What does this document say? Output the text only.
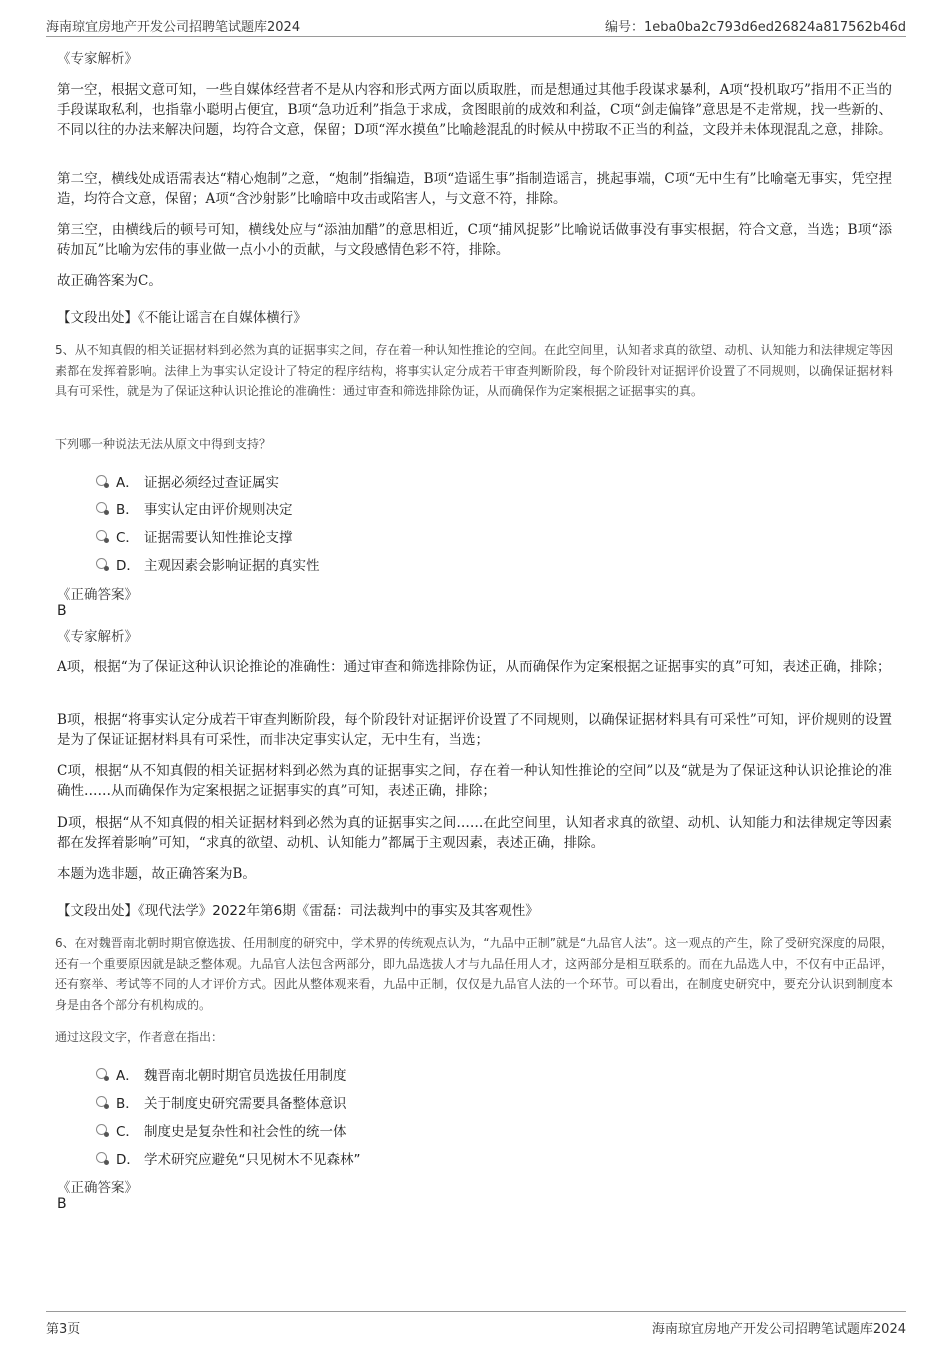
海南琼宜房地产开发公司招聘笔试题库2024	编号：1eba0ba2c793d6ed26824a817562b46d
《专家解析》
第一空，根据文意可知，一些自媒体经营者不是从内容和形式两方面以质取胜，而是想通过其他手段谋求暴利，A项“投机取巧”指用不正当的手段谋取私利，也指靠小聪明占便宜，B项“急功近利”指急于求成，贪图眼前的成效和利益，C项“剑走偏锋”意思是不走常规，找一些新的、不同以往的办法来解决问题，均符合文意，保留；D项“浑水摸鱼”比喻趁混乱的时候从中捞取不正当的利益，文段并未体现混乱之意，排除。
第二空，横线处成语需表达“精心炮制”之意，“炮制”指编造，B项“造谣生事”指制造谣言，挑起事端，C项“无中生有”比喻毫无事实，凭空捏造，均符合文意，保留；A项“含沙射影”比喻暗中攻击或陷害人，与文意不符，排除。
第三空，由横线后的顿号可知，横线处应与“添油加醋”的意思相近，C项“捕风捉影”比喻说话做事没有事实根据，符合文意，当选；B项“添砖加瓦”比喻为宏伟的事业做一点小小的贡献，与文段感情色彩不符，排除。
故正确答案为C。
【文段出处】《不能让谣言在自媒体横行》
5、从不知真假的相关证据材料到必然为真的证据事实之间，存在着一种认知性推论的空间。在此空间里，认知者求真的欲望、动机、认知能力和法律规定等因素都在发挥着影响。法律上为事实认定设计了特定的程序结构，将事实认定分成若干审查判断阶段，每个阶段针对证据评价设置了不同规则，以确保证据材料具有可采性，就是为了保证这种认识论推论的准确性：通过审查和筛选排除伪证，从而确保作为定案根据之证据事实的真。
下列哪一种说法无法从原文中得到支持？
A． 证据必须经过查证属实
B． 事实认定由评价规则决定
C． 证据需要认知性推论支撑
D． 主观因素会影响证据的真实性
《正确答案》
B
《专家解析》
A项，根据“为了保证这种认识论推论的准确性：通过审查和筛选排除伪证，从而确保作为定案根据之证据事实的真”可知，表述正确，排除；
B项，根据“将事实认定分成若干审查判断阶段，每个阶段针对证据评价设置了不同规则，以确保证据材料具有可采性”可知，评价规则的设置是为了保证证据材料具有可采性，而非决定事实认定，无中生有，当选；
C项，根据“从不知真假的相关证据材料到必然为真的证据事实之间，存在着一种认知性推论的空间”以及“就是为了保证这种认识论推论的准确性……从而确保作为定案根据之证据事实的真”可知，表述正确，排除；
D项，根据“从不知真假的相关证据材料到必然为真的证据事实之间……在此空间里，认知者求真的欲望、动机、认知能力和法律规定等因素都在发挥着影响”可知，“求真的欲望、动机、认知能力”都属于主观因素，表述正确，排除。
本题为选非题，故正确答案为B。
【文段出处】《现代法学》2022年第6期《雷磊：司法裁判中的事实及其客观性》
6、在对魏晋南北朝时期官僚选拔、任用制度的研究中，学术界的传统观点认为，“九品中正制”就是“九品官人法”。这一观点的产生，除了受研究深度的局限，还有一个重要原因就是缺乏整体观。九品官人法包含两部分，即九品选拔人才与九品任用人才，这两部分是相互联系的。而在九品选人中，不仅有中正品评，还有察举、考试等不同的人才评价方式。因此从整体观来看，九品中正制，仅仅是九品官人法的一个环节。可以看出，在制度史研究中，要充分认识到制度本身是由各个部分有机构成的。
通过这段文字，作者意在指出：
A． 魏晋南北朝时期官员选拔任用制度
B． 关于制度史研究需要具备整体意识
C． 制度史是复杂性和社会性的统一体
D． 学术研究应避免“只见树木不见森林”
《正确答案》
B
第3页	海南琼宜房地产开发公司招聘笔试题库2024
